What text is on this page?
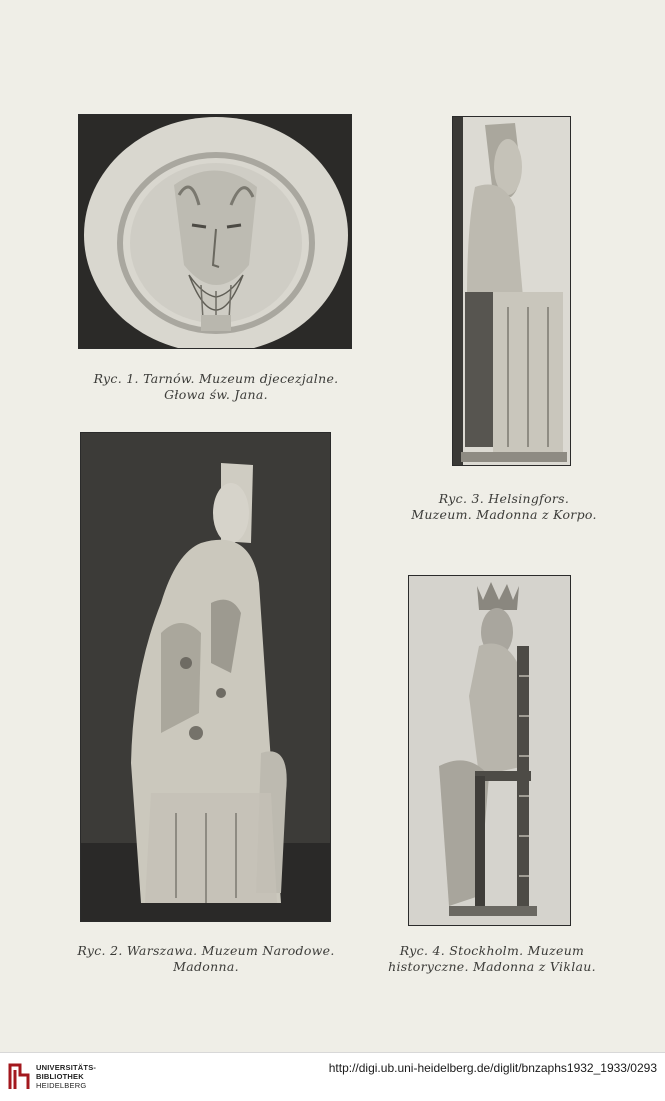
Ryc. 1. Tarnów. Muzeum djecezjalne.
Głowa św. Jana.
Ryc. 2. Warszawa. Muzeum Narodowe.
Madonna.
Ryc. 3. Helsingfors.
Muzeum. Madonna z Korpo.
Ryc. 4. Stockholm. Muzeum
historyczne. Madonna z Viklau.
UNIVERSITÄTS-
BIBLIOTHEK
HEIDELBERG
http://digi.ub.uni-heidelberg.de/diglit/bnzaphs1932_1933/0293
